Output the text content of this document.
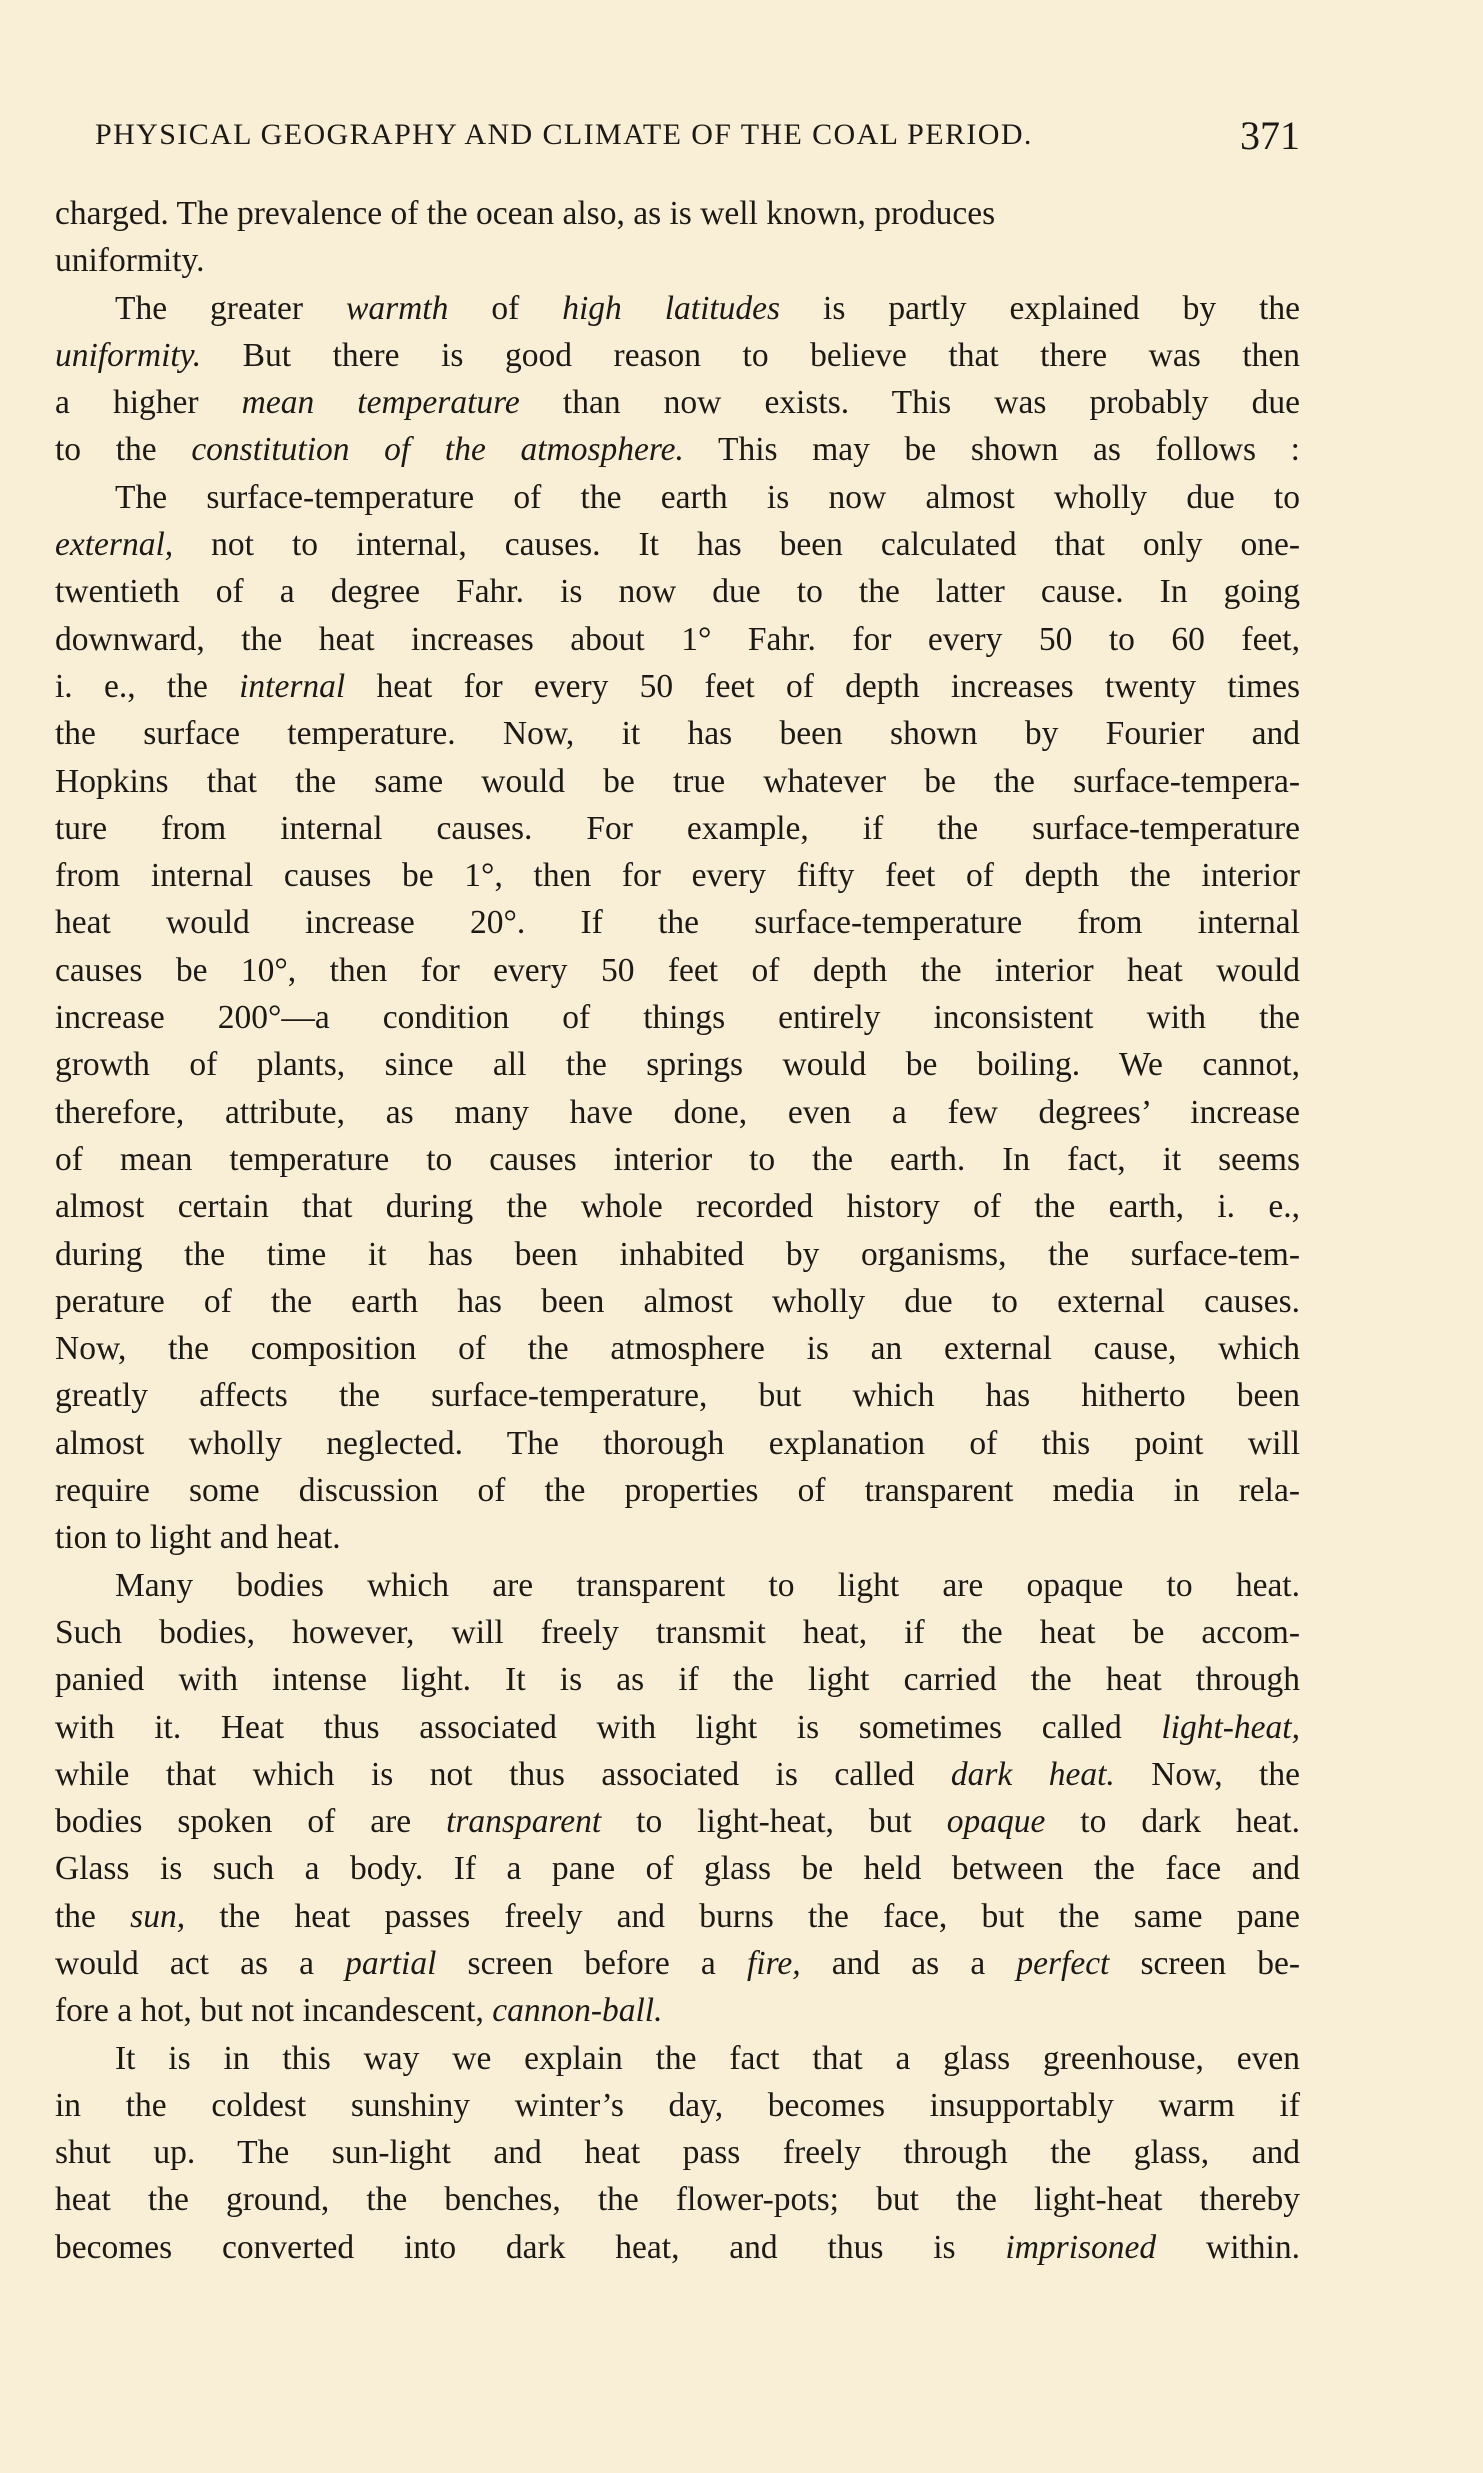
PHYSICAL GEOGRAPHY AND CLIMATE OF THE COAL PERIOD.	371
charged. The prevalence of the ocean also, as is well known, produces
uniformity.
The greater warmth of high latitudes is partly explained by the
uniformity. But there is good reason to believe that there was then
a higher mean temperature than now exists. This was probably due
to the constitution of the atmosphere. This may be shown as follows :
The surface-temperature of the earth is now almost wholly due to
external, not to internal, causes. It has been calculated that only one-
twentieth of a degree Fahr. is now due to the latter cause. In going
downward, the heat increases about 1° Fahr. for every 50 to 60 feet,
i. e., the internal heat for every 50 feet of depth increases twenty times
the surface temperature. Now, it has been shown by Fourier and
Hopkins that the same would be true whatever be the surface-tempera-
ture from internal causes. For example, if the surface-temperature
from internal causes be 1°, then for every fifty feet of depth the interior
heat would increase 20°. If the surface-temperature from internal
causes be 10°, then for every 50 feet of depth the interior heat would
increase 200°—a condition of things entirely inconsistent with the
growth of plants, since all the springs would be boiling. We cannot,
therefore, attribute, as many have done, even a few degrees’ increase
of mean temperature to causes interior to the earth. In fact, it seems
almost certain that during the whole recorded history of the earth, i. e.,
during the time it has been inhabited by organisms, the surface-tem-
perature of the earth has been almost wholly due to external causes.
Now, the composition of the atmosphere is an external cause, which
greatly affects the surface-temperature, but which has hitherto been
almost wholly neglected. The thorough explanation of this point will
require some discussion of the properties of transparent media in rela-
tion to light and heat.
Many bodies which are transparent to light are opaque to heat.
Such bodies, however, will freely transmit heat, if the heat be accom-
panied with intense light. It is as if the light carried the heat through
with it. Heat thus associated with light is sometimes called light-heat,
while that which is not thus associated is called dark heat. Now, the
bodies spoken of are transparent to light-heat, but opaque to dark heat.
Glass is such a body. If a pane of glass be held between the face and
the sun, the heat passes freely and burns the face, but the same pane
would act as a partial screen before a fire, and as a perfect screen be-
fore a hot, but not incandescent, cannon-ball.
It is in this way we explain the fact that a glass greenhouse, even
in the coldest sunshiny winter’s day, becomes insupportably warm if
shut up. The sun-light and heat pass freely through the glass, and
heat the ground, the benches, the flower-pots; but the light-heat thereby
becomes converted into dark heat, and thus is imprisoned within.
